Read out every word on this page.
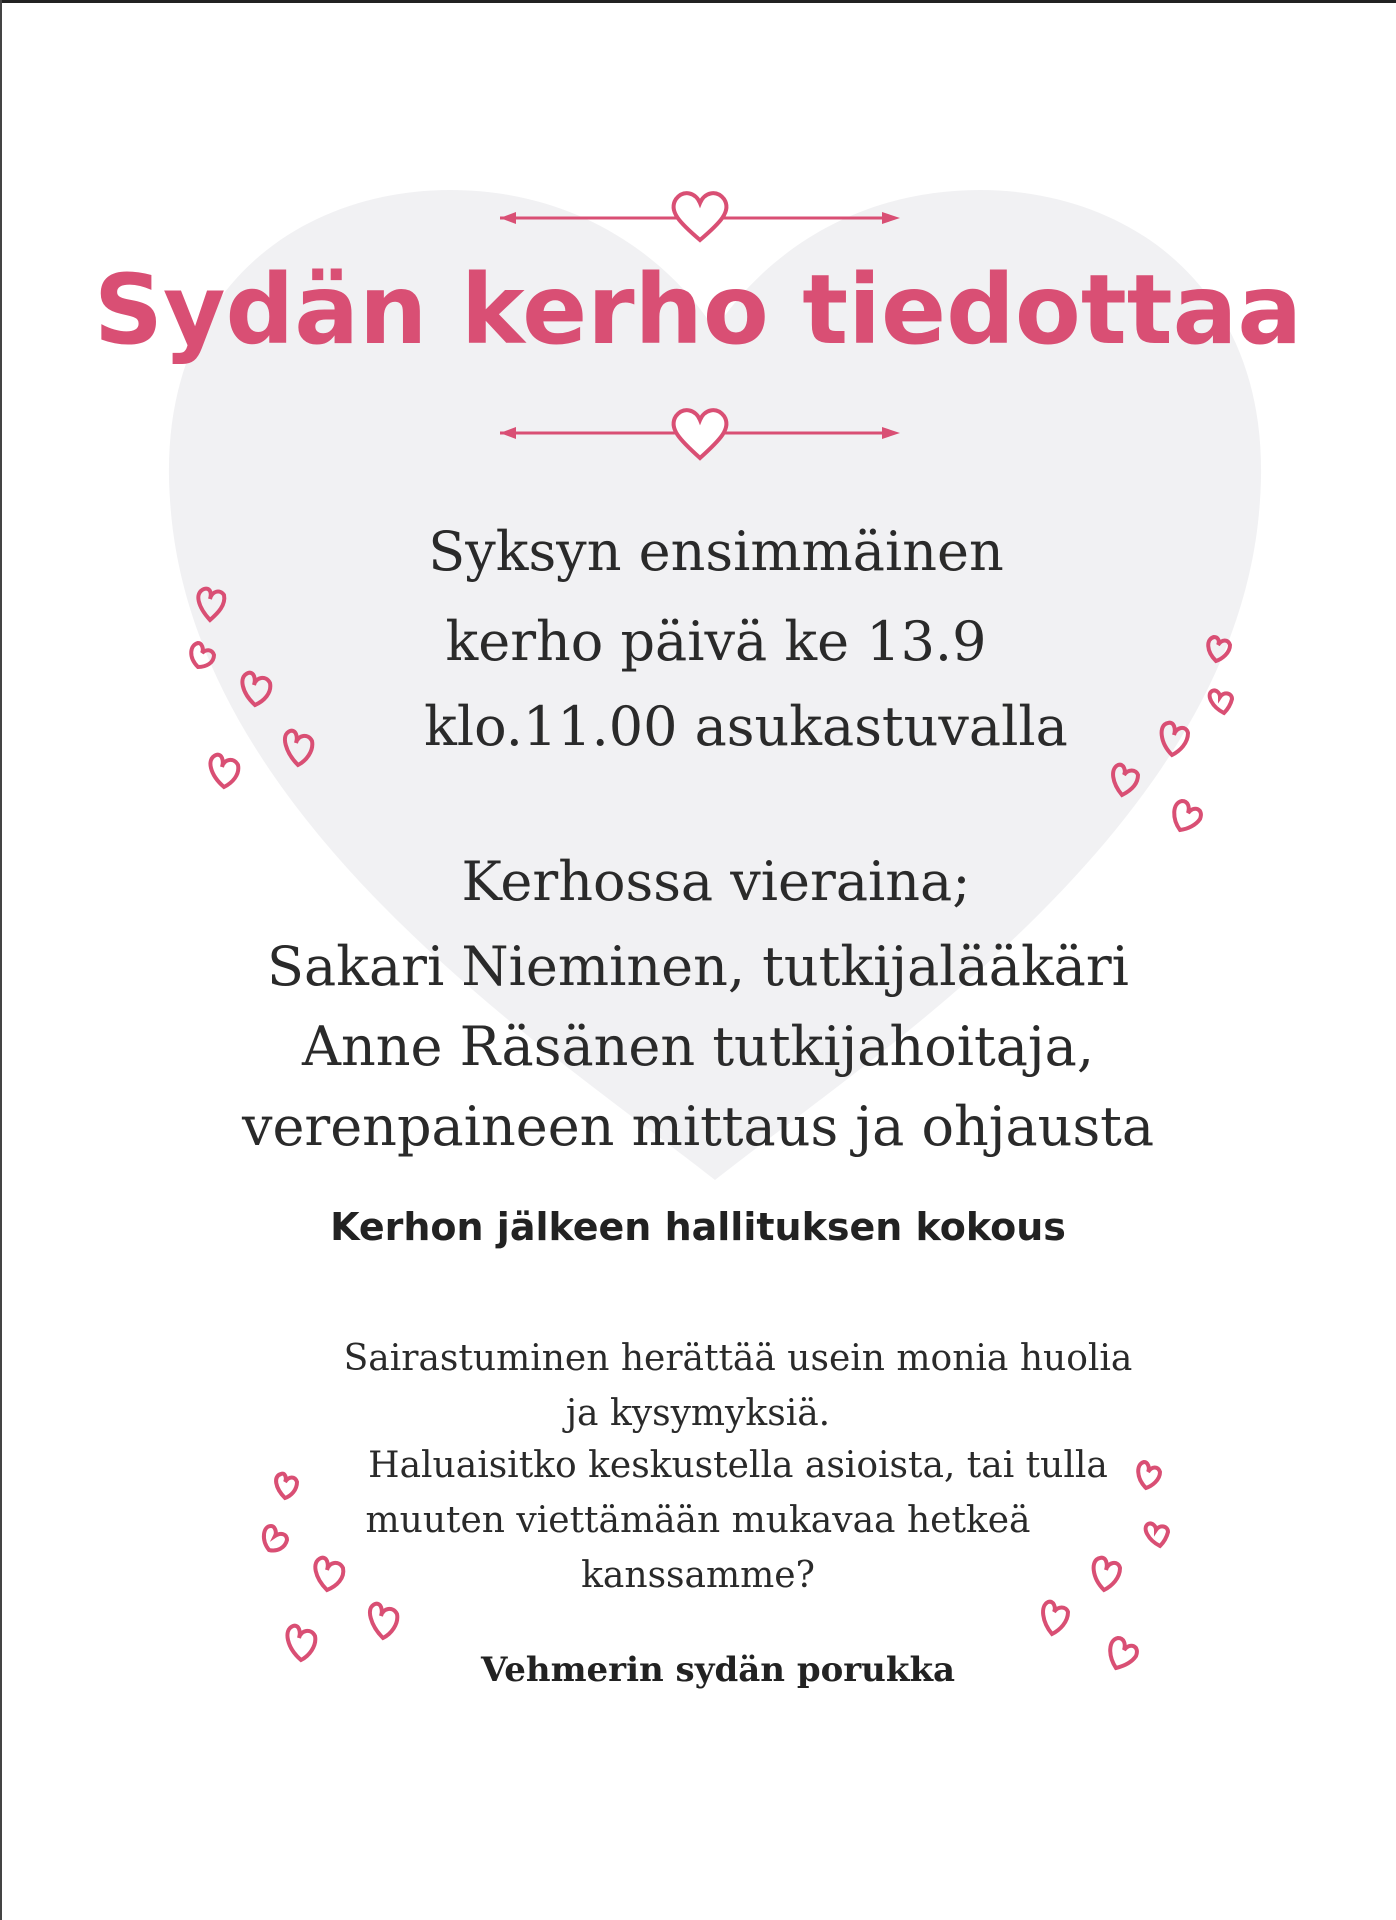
Sydän kerho tiedottaa
Syksyn ensimmäinen
kerho päivä ke 13.9
klo.11.00 asukastuvalla
Kerhossa vieraina;
Sakari Nieminen, tutkijalääkäri
Anne Räsänen tutkijahoitaja,
verenpaineen mittaus ja ohjausta
Kerhon jälkeen hallituksen kokous
Sairastuminen herättää usein monia huolia
ja kysymyksiä.
Haluaisitko keskustella asioista, tai tulla
muuten viettämään mukavaa hetkeä
kanssamme?
Vehmerin sydän porukka
